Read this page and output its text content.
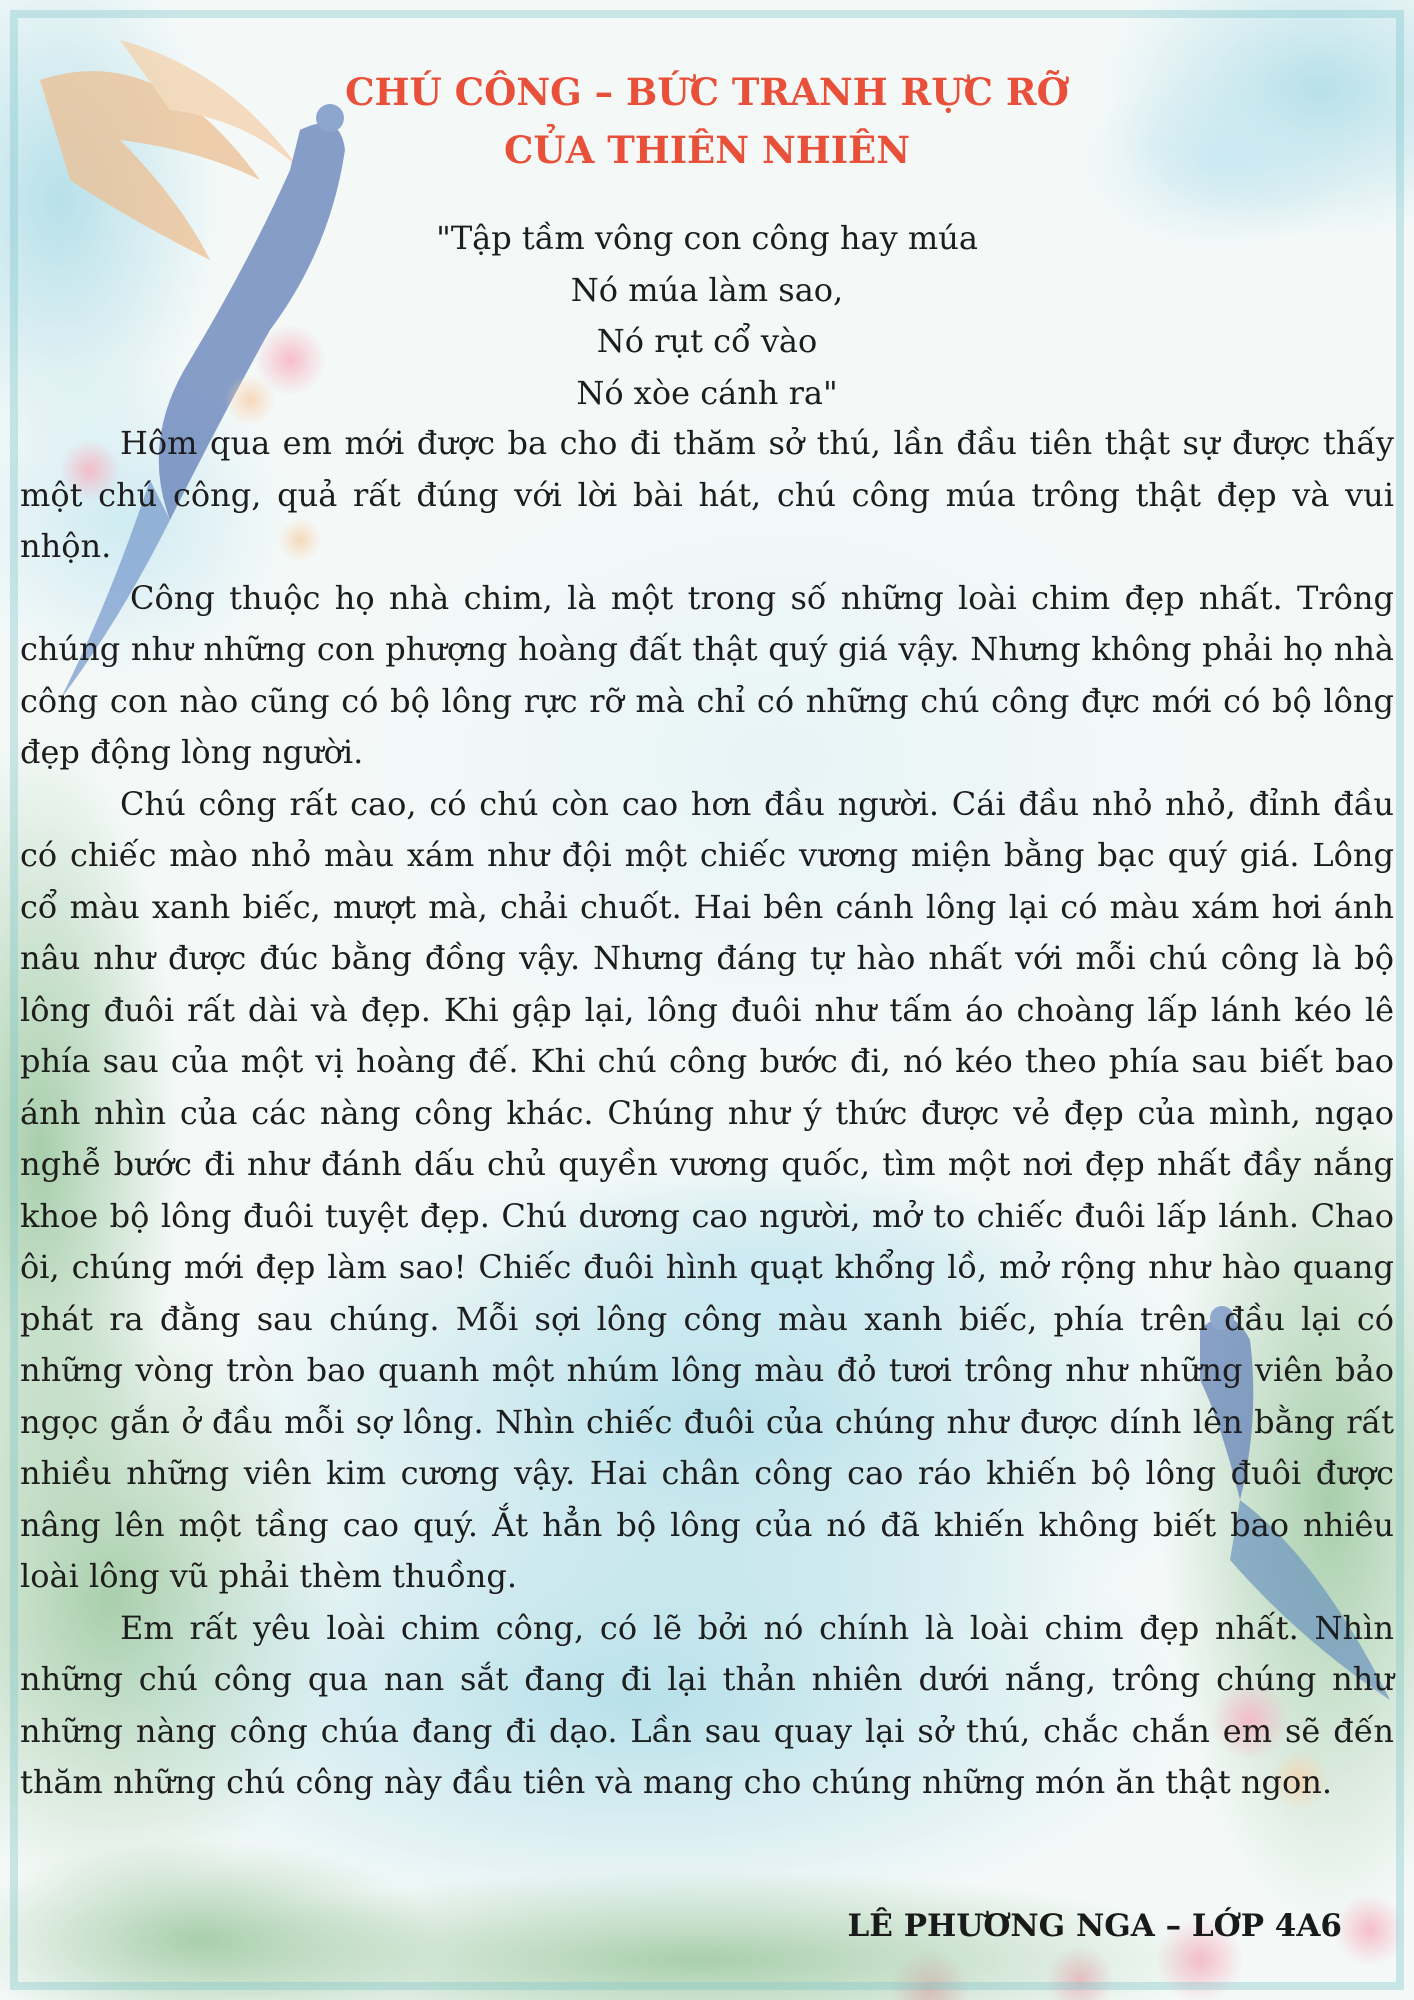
CHÚ CÔNG – BỨC TRANH RỰC RỠ
CỦA THIÊN NHIÊN
"Tập tầm vông con công hay múa
Nó múa làm sao,
Nó rụt cổ vào
Nó xòe cánh ra"

Hôm qua em mới được ba cho đi thăm sở thú, lần đầu tiên thật sự được thấy một chú công, quả rất đúng với lời bài hát, chú công múa trông thật đẹp và vui nhộn.

Công thuộc họ nhà chim, là một trong số những loài chim đẹp nhất. Trông chúng như những con phượng hoàng đất thật quý giá vậy. Nhưng không phải họ nhà công con nào cũng có bộ lông rực rỡ mà chỉ có những chú công đực mới có bộ lông đẹp động lòng người.

Chú công rất cao, có chú còn cao hơn đầu người. Cái đầu nhỏ nhỏ, đỉnh đầu có chiếc mào nhỏ màu xám như đội một chiếc vương miện bằng bạc quý giá. Lông cổ màu xanh biếc, mượt mà, chải chuốt. Hai bên cánh lông lại có màu xám hơi ánh nâu như được đúc bằng đồng vậy. Nhưng đáng tự hào nhất với mỗi chú công là bộ lông đuôi rất dài và đẹp. Khi gập lại, lông đuôi như tấm áo choàng lấp lánh kéo lê phía sau của một vị hoàng đế. Khi chú công bước đi, nó kéo theo phía sau biết bao ánh nhìn của các nàng công khác. Chúng như ý thức được vẻ đẹp của mình, ngạo nghễ bước đi như đánh dấu chủ quyền vương quốc, tìm một nơi đẹp nhất đầy nắng khoe bộ lông đuôi tuyệt đẹp. Chú dương cao người, mở to chiếc đuôi lấp lánh. Chao ôi, chúng mới đẹp làm sao! Chiếc đuôi hình quạt khổng lồ, mở rộng như hào quang phát ra đằng sau chúng. Mỗi sợi lông công màu xanh biếc, phía trên đầu lại có những vòng tròn bao quanh một nhúm lông màu đỏ tươi trông như những viên bảo ngọc gắn ở đầu mỗi sợ lông. Nhìn chiếc đuôi của chúng như được dính lên bằng rất nhiều những viên kim cương vậy. Hai chân công cao ráo khiến bộ lông đuôi được nâng lên một tầng cao quý. Ắt hẳn bộ lông của nó đã khiến không biết bao nhiêu loài lông vũ phải thèm thuồng.

Em rất yêu loài chim công, có lẽ bởi nó chính là loài chim đẹp nhất. Nhìn những chú công qua nan sắt đang đi lại thản nhiên dưới nắng, trông chúng như những nàng công chúa đang đi dạo. Lần sau quay lại sở thú, chắc chắn em sẽ đến thăm những chú công này đầu tiên và mang cho chúng những món ăn thật ngon.

LÊ PHƯƠNG NGA – LỚP 4A6
